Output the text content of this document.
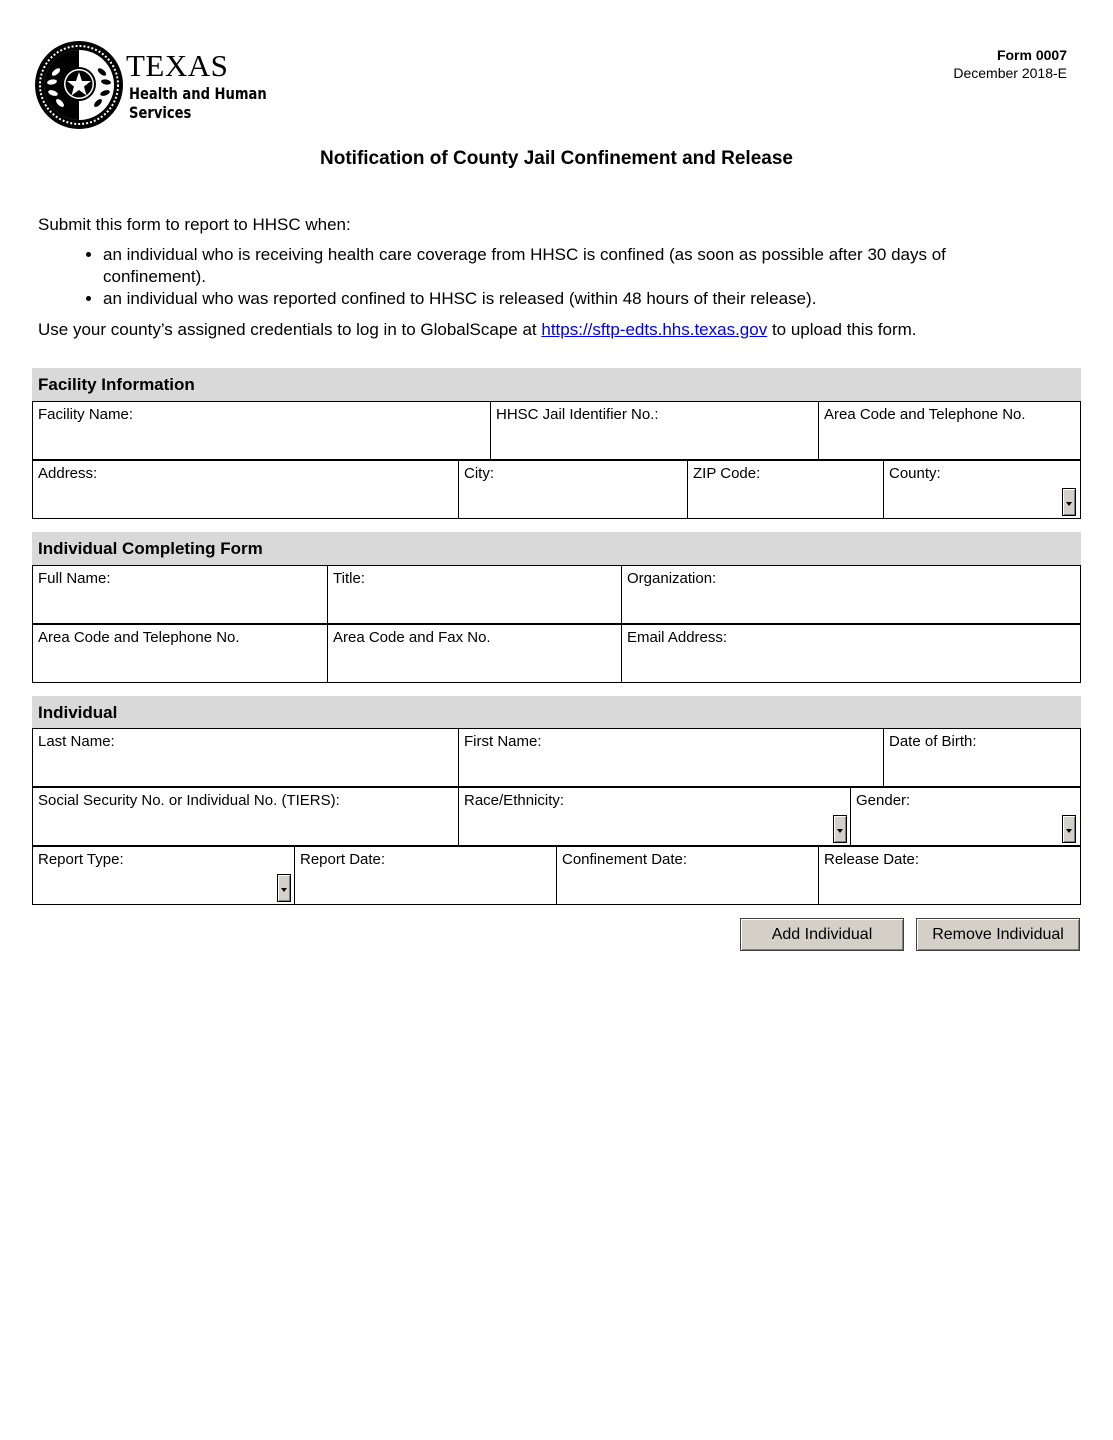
TEXAS
Health and Human
Services
Form 0007
December 2018-E
Notification of County Jail Confinement and Release

Submit this form to report to HHSC when:

• an individual who is receiving health care coverage from HHSC is confined (as soon as possible after 30 days of confinement).
• an individual who was reported confined to HHSC is released (within 48 hours of their release).

Use your county’s assigned credentials to log in to GlobalScape at https://sftp-edts.hhs.texas.gov to upload this form.

Facility Information
Facility Name:	HHSC Jail Identifier No.:	Area Code and Telephone No.
Address:	City:	ZIP Code:	County:
Individual Completing Form
Full Name:	Title:	Organization:
Area Code and Telephone No.	Area Code and Fax No.	Email Address:
Individual
Last Name:	First Name:	Date of Birth:
Social Security No. or Individual No. (TIERS):	Race/Ethnicity:	Gender:
Report Type:	Report Date:	Confinement Date:	Release Date:
Add Individual	Remove Individual
